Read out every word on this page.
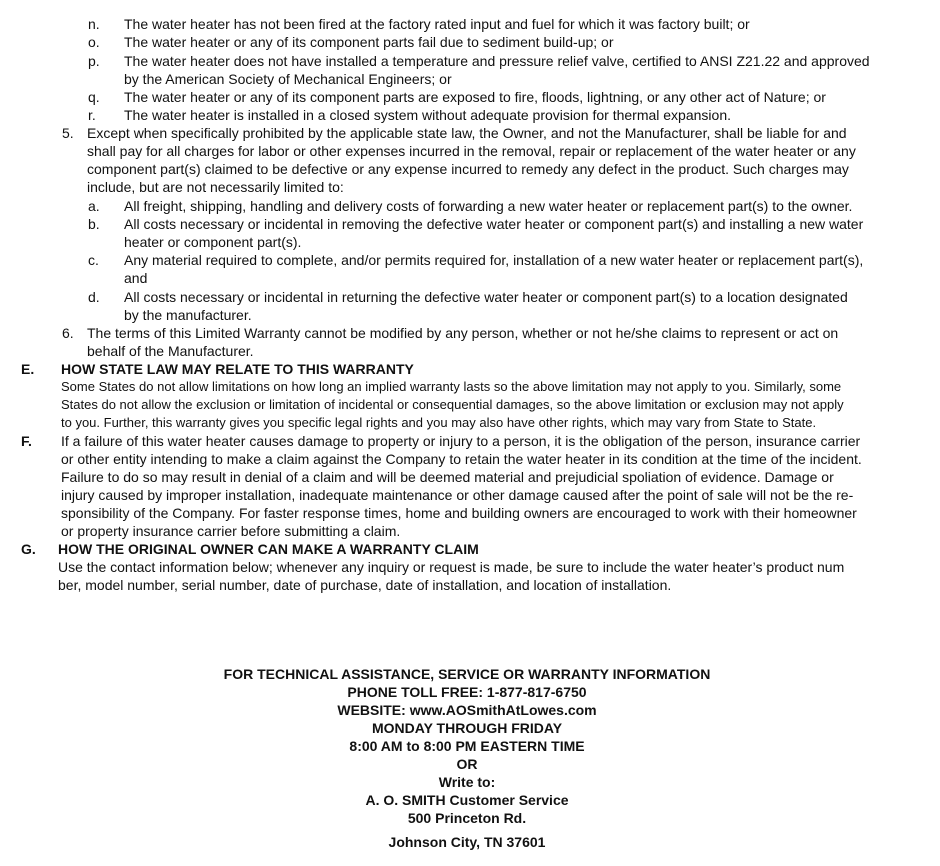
n. The water heater has not been fired at the factory rated input and fuel for which it was factory built; or
o. The water heater or any of its component parts fail due to sediment build-up; or
p. The water heater does not have installed a temperature and pressure relief valve, certified to ANSI Z21.22 and approved
by the American Society of Mechanical Engineers; or
q. The water heater or any of its component parts are exposed to fire, floods, lightning, or any other act of Nature; or
r. The water heater is installed in a closed system without adequate provision for thermal expansion.
5. Except when specifically prohibited by the applicable state law, the Owner, and not the Manufacturer, shall be liable for and
shall pay for all charges for labor or other expenses incurred in the removal, repair or replacement of the water heater or any
component part(s) claimed to be defective or any expense incurred to remedy any defect in the product. Such charges may
include, but are not necessarily limited to:
a. All freight, shipping, handling and delivery costs of forwarding a new water heater or replacement part(s) to the owner.
b. All costs necessary or incidental in removing the defective water heater or component part(s) and installing a new water
heater or component part(s).
c. Any material required to complete, and/or permits required for, installation of a new water heater or replacement part(s),
and
d. All costs necessary or incidental in returning the defective water heater or component part(s) to a location designated
by the manufacturer.
6. The terms of this Limited Warranty cannot be modified by any person, whether or not he/she claims to represent or act on
behalf of the Manufacturer.
E. HOW STATE LAW MAY RELATE TO THIS WARRANTY
Some States do not allow limitations on how long an implied warranty lasts so the above limitation may not apply to you. Similarly, some
States do not allow the exclusion or limitation of incidental or consequential damages, so the above limitation or exclusion may not apply
to you. Further, this warranty gives you specific legal rights and you may also have other rights, which may vary from State to State.
F. If a failure of this water heater causes damage to property or injury to a person, it is the obligation of the person, insurance carrier
or other entity intending to make a claim against the Company to retain the water heater in its condition at the time of the incident.
Failure to do so may result in denial of a claim and will be deemed material and prejudicial spoliation of evidence. Damage or
injury caused by improper installation, inadequate maintenance or other damage caused after the point of sale will not be the re-
sponsibility of the Company. For faster response times, home and building owners are encouraged to work with their homeowner
or property insurance carrier before submitting a claim.
G. HOW THE ORIGINAL OWNER CAN MAKE A WARRANTY CLAIM
Use the contact information below; whenever any inquiry or request is made, be sure to include the water heater’s product num
ber, model number, serial number, date of purchase, date of installation, and location of installation.
FOR TECHNICAL ASSISTANCE, SERVICE OR WARRANTY INFORMATION
PHONE TOLL FREE: 1-877-817-6750
WEBSITE: www.AOSmithAtLowes.com
MONDAY THROUGH FRIDAY
8:00 AM to 8:00 PM EASTERN TIME
OR
Write to:
A. O. SMITH Customer Service
500 Princeton Rd.
Johnson City, TN 37601
